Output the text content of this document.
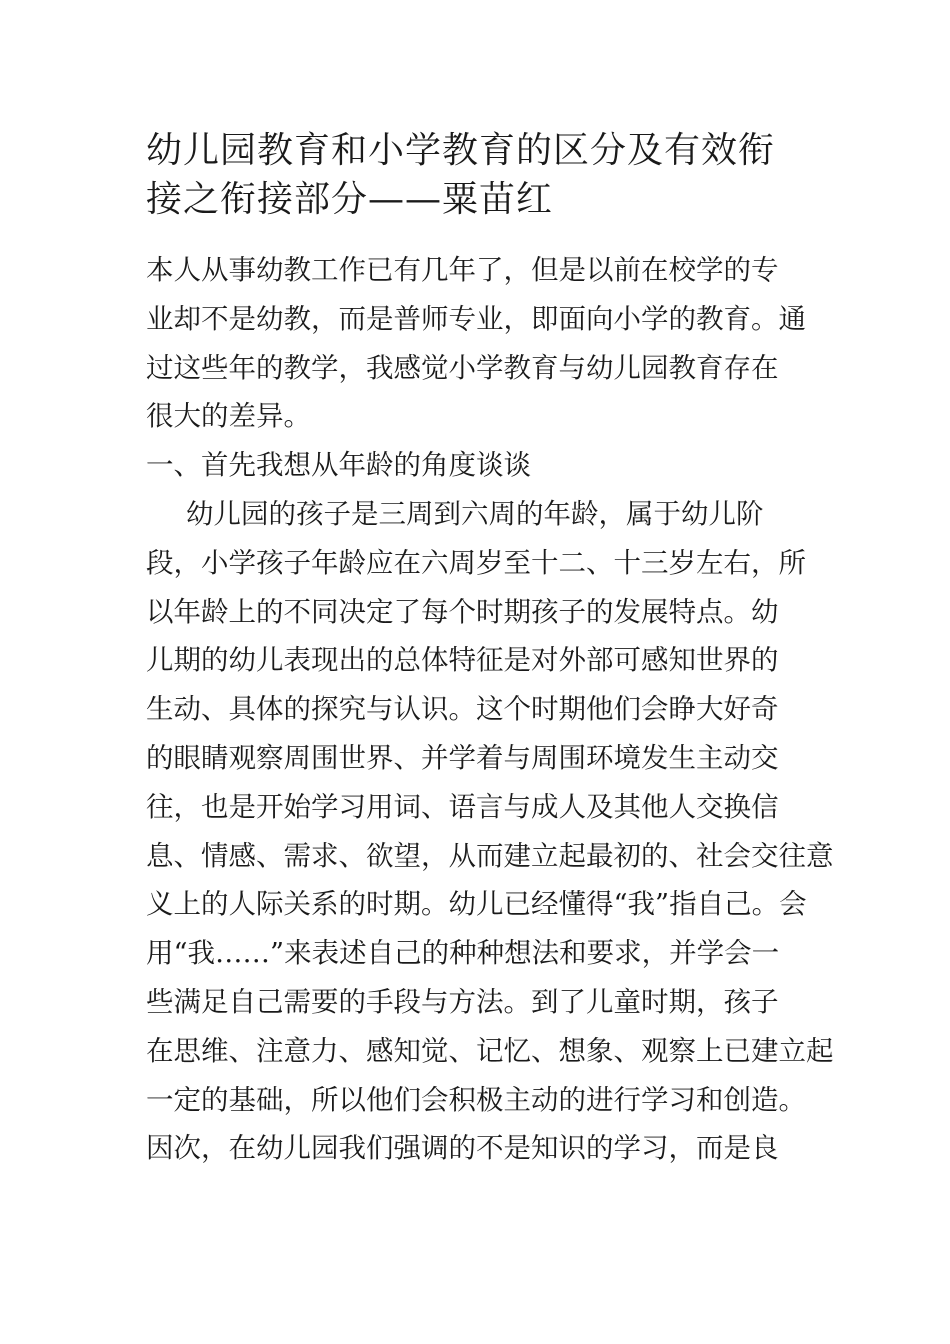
幼儿园教育和小学教育的区分及有效衔
接之衔接部分——粟苗红
本人从事幼教工作已有几年了，但是以前在校学的专
业却不是幼教，而是普师专业，即面向小学的教育。通
过这些年的教学，我感觉小学教育与幼儿园教育存在
很大的差异。
一、首先我想从年龄的角度谈谈
幼儿园的孩子是三周到六周的年龄，属于幼儿阶
段，小学孩子年龄应在六周岁至十二、十三岁左右，所
以年龄上的不同决定了每个时期孩子的发展特点。幼
儿期的幼儿表现出的总体特征是对外部可感知世界的
生动、具体的探究与认识。这个时期他们会睁大好奇
的眼睛观察周围世界、并学着与周围环境发生主动交
往，也是开始学习用词、语言与成人及其他人交换信
息、情感、需求、欲望，从而建立起最初的、社会交往意
义上的人际关系的时期。幼儿已经懂得“我”指自己。会
用“我……”来表述自己的种种想法和要求，并学会一
些满足自己需要的手段与方法。到了儿童时期，孩子
在思维、注意力、感知觉、记忆、想象、观察上已建立起
一定的基础，所以他们会积极主动的进行学习和创造。
因次，在幼儿园我们强调的不是知识的学习，而是良
